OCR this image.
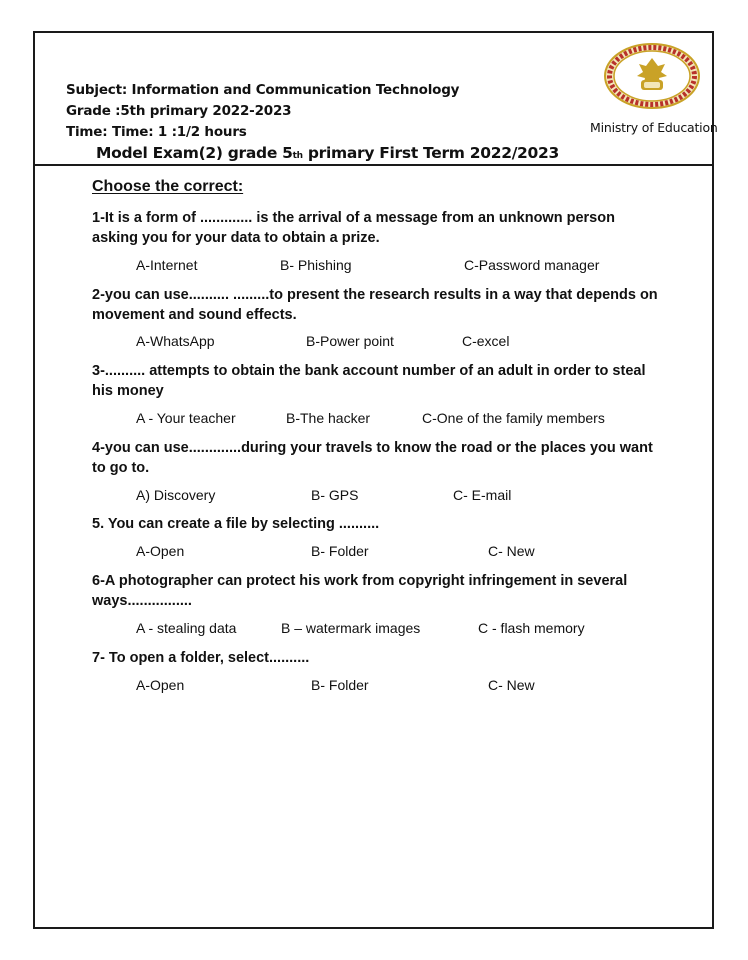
Subject: Information and Communication Technology
Grade :5th primary 2022-2023
Time: Time: 1 :1/2 hours	Ministry of Education
Model Exam(2) grade 5th primary First Term 2022/2023
Choose the correct:
1-It is a form of ............. is the arrival of a message from an unknown person asking you for your data to obtain a prize.
A-Internet	B- Phishing	C-Password manager
2-you can use.......... .........to present the research results in a way that depends on movement and sound effects.
A-WhatsApp	B-Power point	C-excel
3-.......... attempts to obtain the bank account number of an adult in order to steal his money
A - Your teacher	B-The hacker	C-One of the family members
4-you can use.............during your travels to know the road or the places you want to go to.
A) Discovery	B- GPS	C- E-mail
5. You can create a file by selecting ..........
A-Open	B- Folder	C- New
6-A photographer can protect his work from copyright infringement in several ways................
A - stealing data	B – watermark images	C - flash memory
7- To open a folder, select..........
A-Open	B- Folder	C- New
